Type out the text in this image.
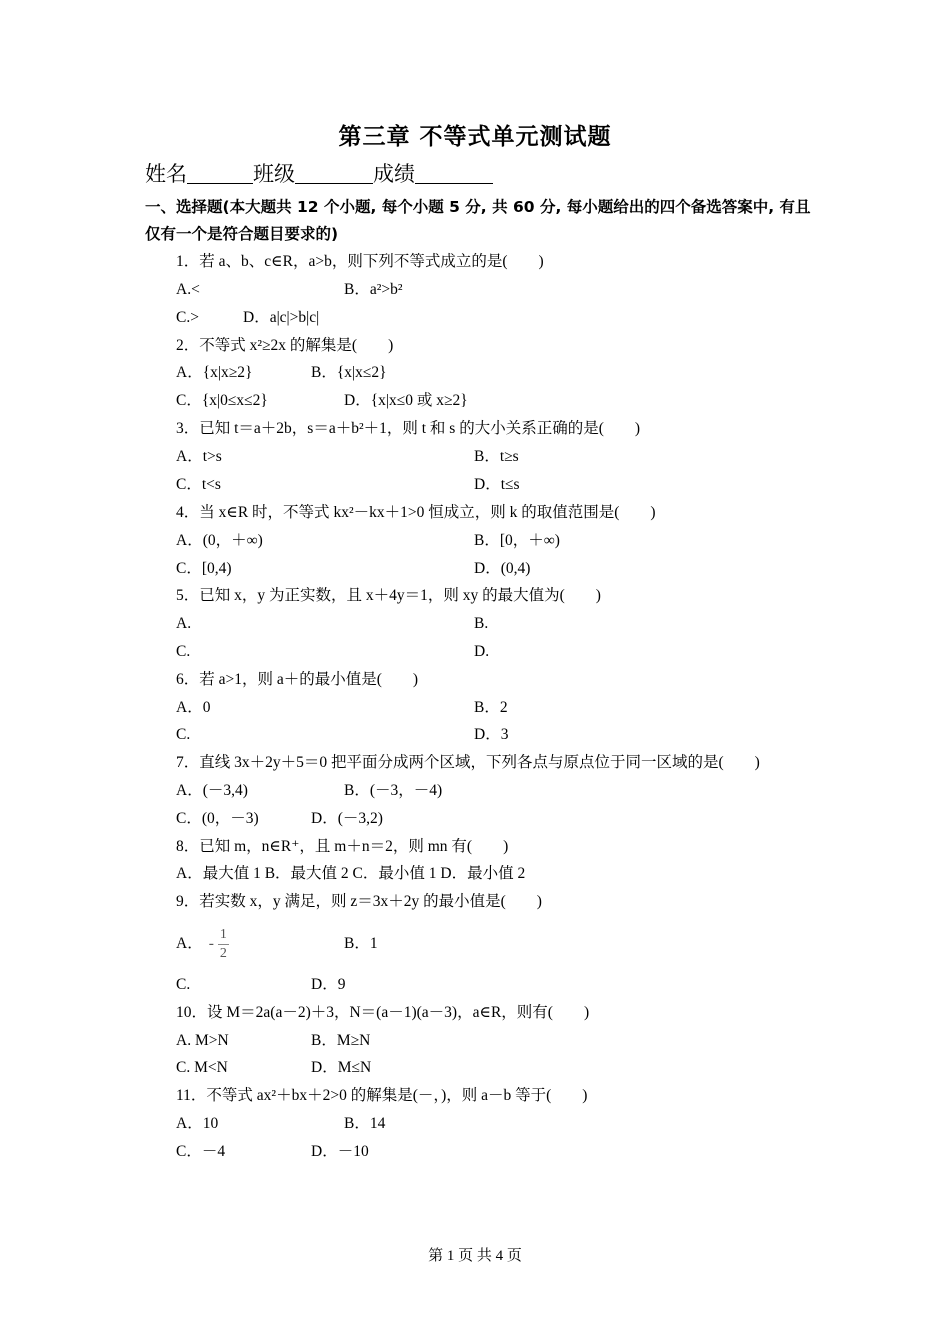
第三章 不等式单元测试题
姓名	班级	成绩
一、选择题(本大题共 12 个小题, 每个小题 5 分, 共 60 分, 每小题给出的四个备选答案中, 有且仅有一个是符合题目要求的)
1．若 a、b、c∈R，a>b，则下列不等式成立的是(　　)
A.<	B．a²>b²
C.>	D．a|c|>b|c|
2．不等式 x²≥2x 的解集是(　　)
A．{x|x≥2}	B．{x|x≤2}
C．{x|0≤x≤2}	D．{x|x≤0 或 x≥2}
3．已知 t＝a＋2b，s＝a＋b²＋1，则 t 和 s 的大小关系正确的是(　　)
A．t>s	B．t≥s
C．t<s	D．t≤s
4．当 x∈R 时，不等式 kx²－kx＋1>0 恒成立，则 k 的取值范围是(　　)
A．(0，＋∞)	B．[0，＋∞)
C．[0,4)	D．(0,4)
5．已知 x，y 为正实数，且 x＋4y＝1，则 xy 的最大值为(　　)
A.	B.
C.	D.
6．若 a>1，则 a＋的最小值是(　　)
A．0	B．2
C.	D．3
7．直线 3x＋2y＋5＝0 把平面分成两个区域，下列各点与原点位于同一区域的是(　　)
A．(－3,4)	B．(－3，－4)
C．(0，－3)	D．(－3,2)
8．已知 m，n∈R⁺，且 m＋n＝2，则 mn 有(　　)
A．最大值 1 B．最大值 2 C．最小值 1 D．最小值 2
9．若实数 x，y 满足，则 z＝3x＋2y 的最小值是(　　)
A． - $\frac{1}{2}$	B．1
C.	D．9
10．设 M＝2a(a－2)＋3，N＝(a－1)(a－3)，a∈R，则有(　　)
A. M>N	B．M≥N
C. M<N	D．M≤N
11．不等式 ax²＋bx＋2>0 的解集是(－，)，则 a－b 等于(　　)
A．10	B．14
C．－4	D．－10
第 1 页 共 4 页
